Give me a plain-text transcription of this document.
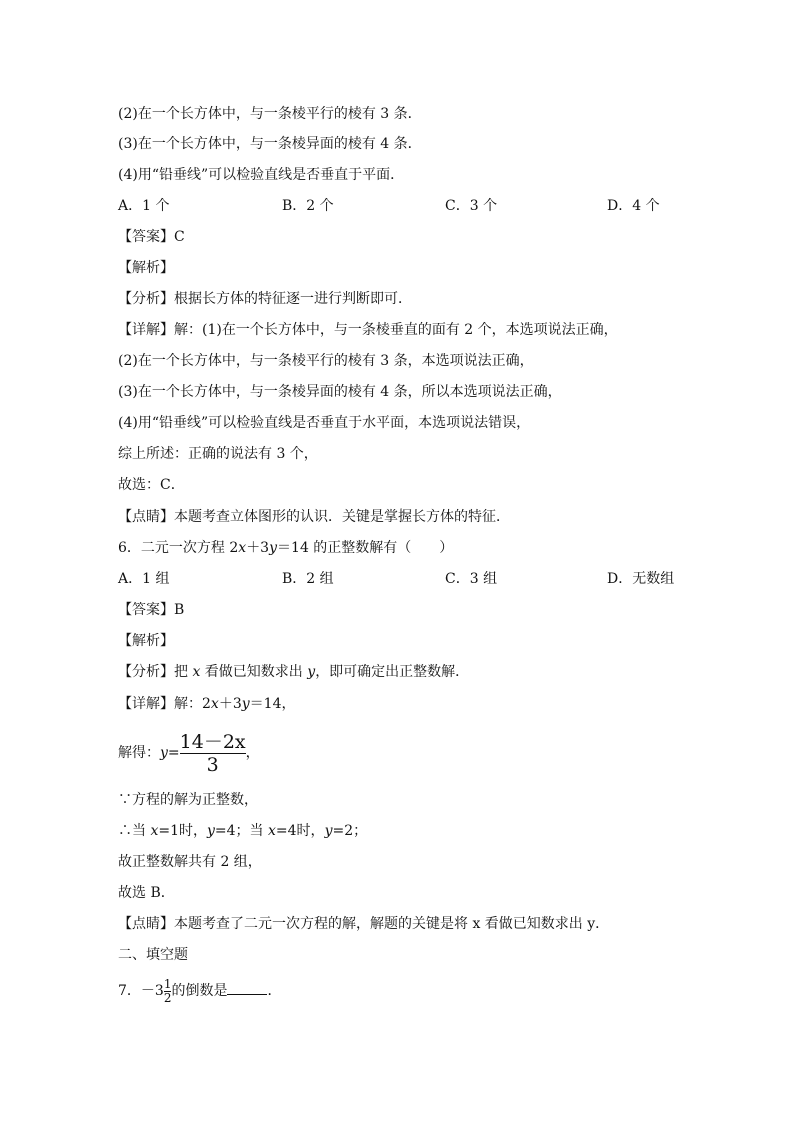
(2)在一个长方体中，与一条棱平行的棱有 3 条．
(3)在一个长方体中，与一条棱异面的棱有 4 条．
(4)用“铅垂线”可以检验直线是否垂直于平面．
A．1 个	B．2 个	C．3 个	D．4 个
【答案】C
【解析】
【分析】根据长方体的特征逐一进行判断即可．
【详解】解：(1)在一个长方体中，与一条棱垂直的面有 2 个，本选项说法正确，
(2)在一个长方体中，与一条棱平行的棱有 3 条，本选项说法正确，
(3)在一个长方体中，与一条棱异面的棱有 4 条，所以本选项说法正确，
(4)用“铅垂线”可以检验直线是否垂直于水平面，本选项说法错误，
综上所述：正确的说法有 3 个，
故选：C．
【点睛】本题考查立体图形的认识．关键是掌握长方体的特征．
6．二元一次方程 2x＋3y＝14 的正整数解有（　　）
A．1 组	B．2 组	C．3 组	D．无数组
【答案】B
【解析】
【分析】把 x 看做已知数求出 y，即可确定出正整数解．
【详解】解：2x＋3y＝14，
解得：$y= \frac{14-2x}{3}$ ，
∵方程的解为正整数，
∴当 x=1时，y=4；当 x=4时，y=2；
故正整数解共有 2 组，
故选 B．
【点睛】本题考查了二元一次方程的解，解题的关键是将 x 看做已知数求出 y．
二、填空题
7．$-3 \frac{1}{2}$ 的倒数是	．
